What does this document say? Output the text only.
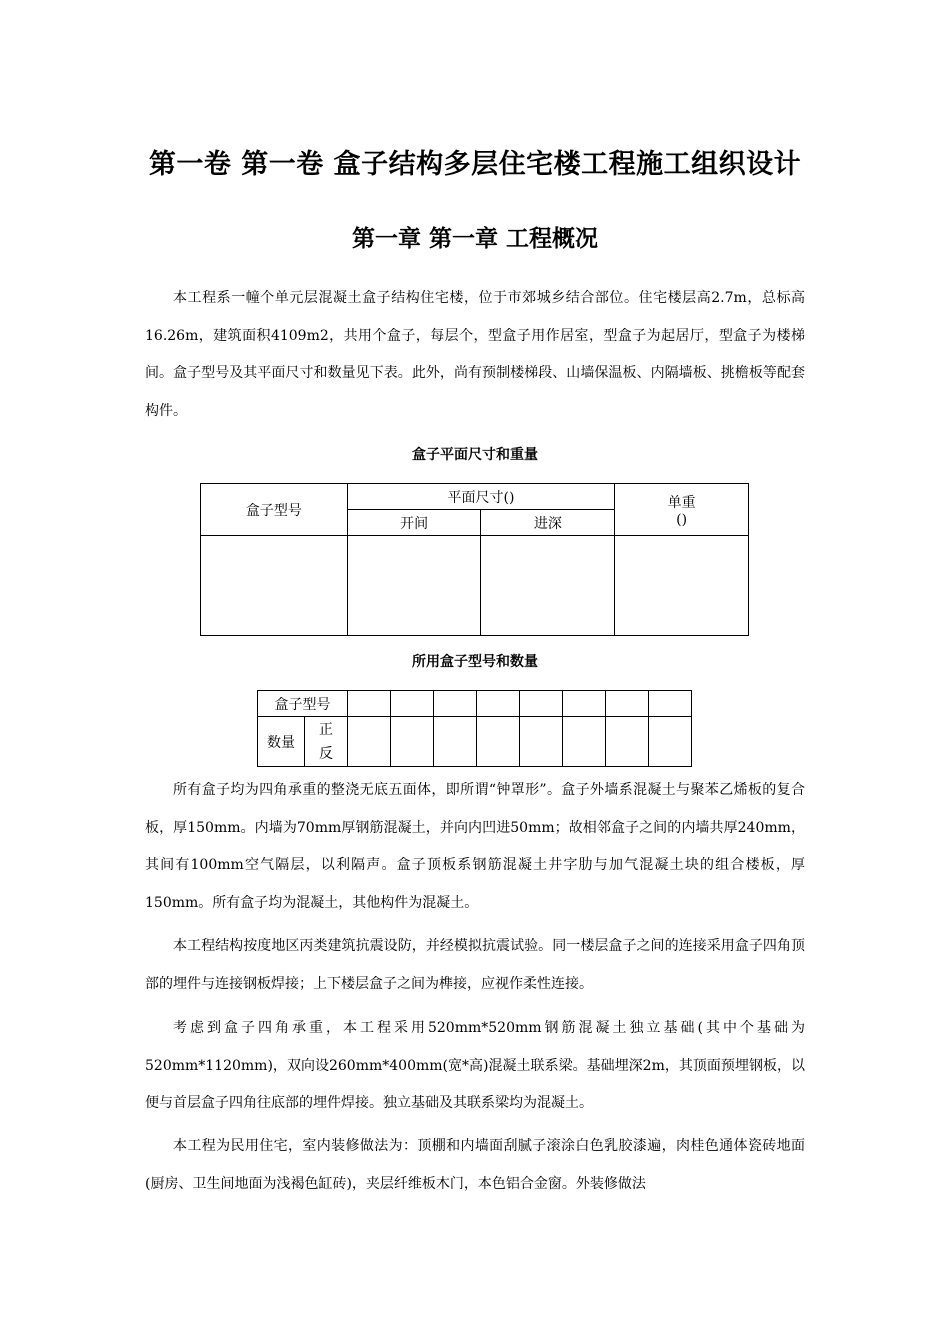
第一卷 第一卷 盒子结构多层住宅楼工程施工组织设计
第一章 第一章 工程概况

本工程系一幢个单元层混凝土盒子结构住宅楼，位于市郊城乡结合部位。住宅楼层高2.7m，总标高16.26m，建筑面积4109m2，共用个盒子，每层个，型盒子用作居室，型盒子为起居厅，型盒子为楼梯间。盒子型号及其平面尺寸和数量见下表。此外，尚有预制楼梯段、山墙保温板、内隔墙板、挑檐板等配套构件。

盒子平面尺寸和重量

盒子型号	平面尺寸()		单重
()

	开间	进深	

所用盒子型号和数量

盒子型号									
数量	正
反								

所有盒子均为四角承重的整浇无底五面体，即所谓“钟罩形”。盒子外墙系混凝土与聚苯乙烯板的复合板，厚150mm。内墙为70mm厚钢筋混凝土，并向内凹进50mm；故相邻盒子之间的内墙共厚240mm，其间有100mm空气隔层，以利隔声。盒子顶板系钢筋混凝土井字肋与加气混凝土块的组合楼板，厚150mm。所有盒子均为混凝土，其他构件为混凝土。

本工程结构按度地区丙类建筑抗震设防，并经模拟抗震试验。同一楼层盒子之间的连接采用盒子四角顶部的埋件与连接钢板焊接；上下楼层盒子之间为榫接，应视作柔性连接。

考虑到盒子四角承重，本工程采用520mm*520mm钢筋混凝土独立基础(其中个基础为520mm*1120mm)，双向设260mm*400mm(宽*高)混凝土联系梁。基础埋深2m，其顶面预埋钢板，以便与首层盒子四角往底部的埋件焊接。独立基础及其联系梁均为混凝土。

本工程为民用住宅，室内装修做法为：顶棚和内墙面刮腻子滚涂白色乳胶漆遍，肉桂色通体瓷砖地面(厨房、卫生间地面为浅褐色缸砖)，夹层纤维板木门，本色铝合金窗。外装修做法
